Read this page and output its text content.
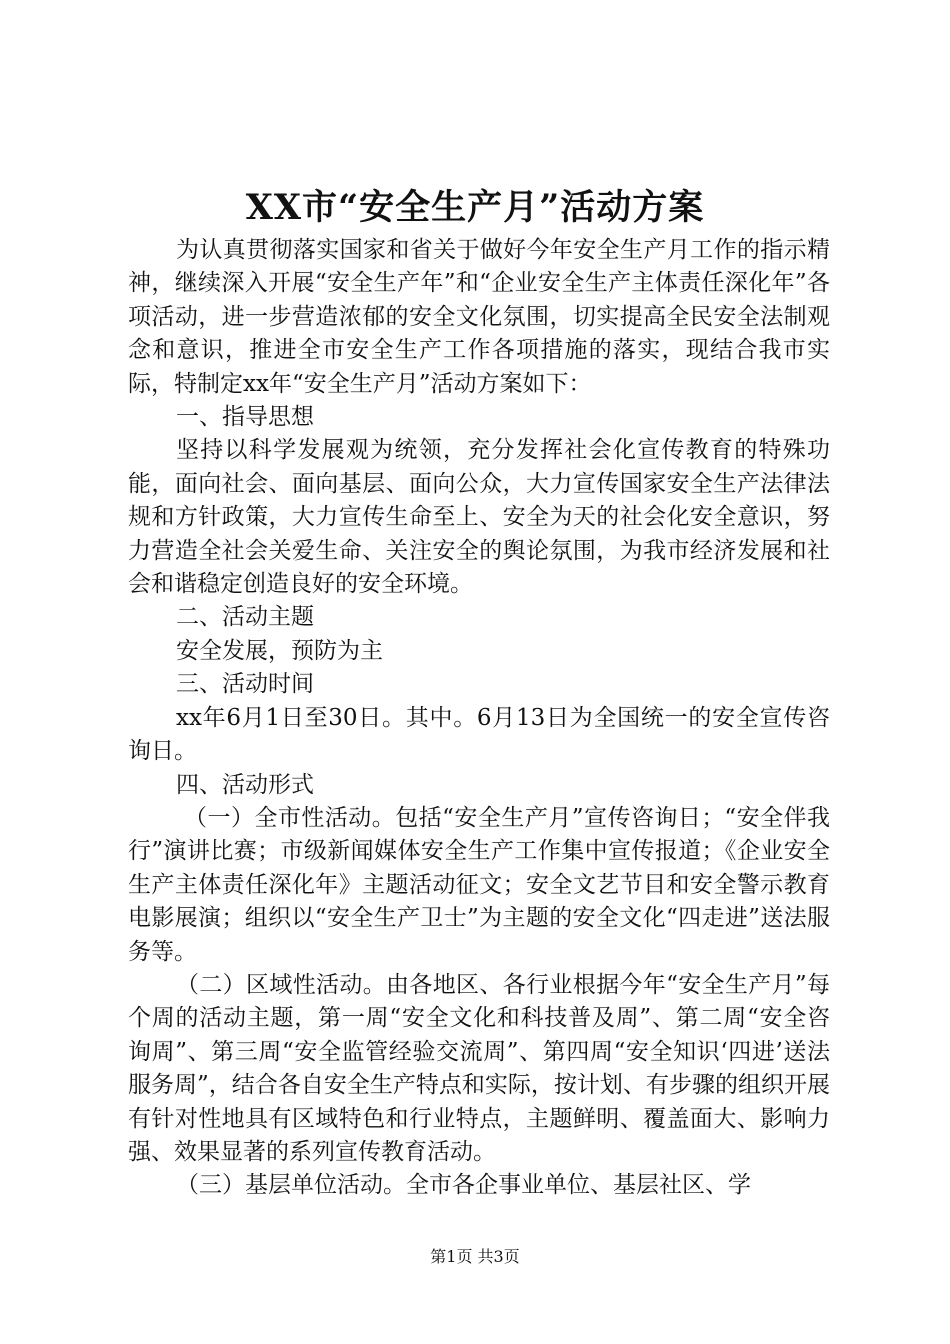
XX市“安全生产月”活动方案

为认真贯彻落实国家和省关于做好今年安全生产月工作的指示精神，继续深入开展“安全生产年”和“企业安全生产主体责任深化年”各项活动，进一步营造浓郁的安全文化氛围，切实提高全民安全法制观念和意识，推进全市安全生产工作各项措施的落实，现结合我市实际，特制定xx年“安全生产月”活动方案如下：

一、指导思想

坚持以科学发展观为统领，充分发挥社会化宣传教育的特殊功能，面向社会、面向基层、面向公众，大力宣传国家安全生产法律法规和方针政策，大力宣传生命至上、安全为天的社会化安全意识，努力营造全社会关爱生命、关注安全的舆论氛围，为我市经济发展和社会和谐稳定创造良好的安全环境。

二、活动主题

安全发展，预防为主

三、活动时间

xx年6月1日至30日。其中。6月13日为全国统一的安全宣传咨询日。

四、活动形式

（一）全市性活动。包括“安全生产月”宣传咨询日；“安全伴我行”演讲比赛；市级新闻媒体安全生产工作集中宣传报道；《企业安全生产主体责任深化年》主题活动征文；安全文艺节目和安全警示教育电影展演；组织以“安全生产卫士”为主题的安全文化“四走进”送法服务等。

（二）区域性活动。由各地区、各行业根据今年“安全生产月”每个周的活动主题，第一周“安全文化和科技普及周”、第二周“安全咨询周”、第三周“安全监管经验交流周”、第四周“安全知识‘四进’送法服务周”，结合各自安全生产特点和实际，按计划、有步骤的组织开展有针对性地具有区域特色和行业特点，主题鲜明、覆盖面大、影响力强、效果显著的系列宣传教育活动。

（三）基层单位活动。全市各企事业单位、基层社区、学

第1页 共3页
